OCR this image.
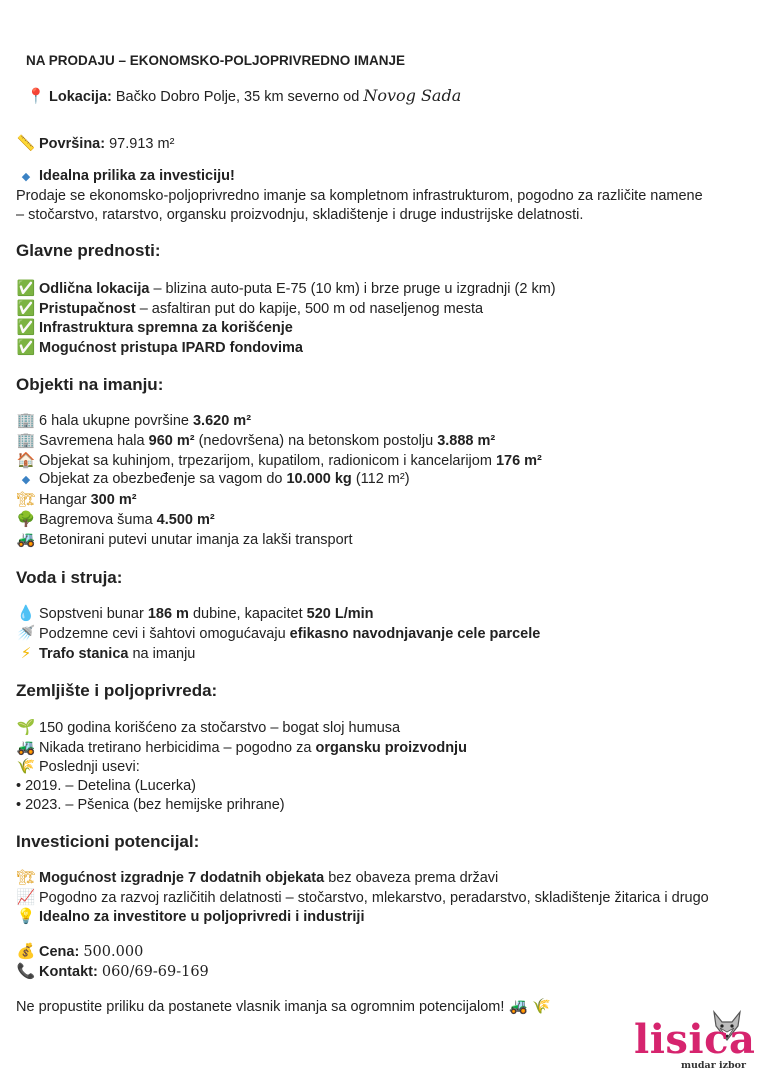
NA PRODAJU – EKONOMSKO-POLJOPRIVREDNO IMANJE
📍 Lokacija: Bačko Dobro Polje, 35 km severno od Novog Sada
📏 Površina: 97.913 m²
◆ Idealna prilika za investiciju!
Prodaje se ekonomsko-poljoprivredno imanje sa kompletnom infrastrukturom, pogodno za različite namene
– stočarstvo, ratarstvo, organsku proizvodnju, skladištenje i druge industrijske delatnosti.
Glavne prednosti:
✅ Odlična lokacija – blizina auto-puta E-75 (10 km) i brze pruge u izgradnji (2 km)
✅ Pristupačnost – asfaltiran put do kapije, 500 m od naseljenog mesta
✅ Infrastruktura spremna za korišćenje
✅ Mogućnost pristupa IPARD fondovima
Objekti na imanju:
🏢 6 hala ukupne površine 3.620 m²
🏢 Savremena hala 960 m² (nedovršena) na betonskom postolju 3.888 m²
🏠 Objekat sa kuhinjom, trpezarijom, kupatilom, radionicom i kancelarijom 176 m²
◆ Objekat za obezbeđenje sa vagom do 10.000 kg (112 m²)
🏗 Hangar 300 m²
🌳 Bagremova šuma 4.500 m²
🚜 Betonirani putevi unutar imanja za lakši transport
Voda i struja:
💧 Sopstveni bunar 186 m dubine, kapacitet 520 L/min
🚿 Podzemne cevi i šahtovi omogućavaju efikasno navodnjavanje cele parcele
⚡ Trafo stanica na imanju
Zemljište i poljoprivreda:
🌱 150 godina korišćeno za stočarstvo – bogat sloj humusa
🚜 Nikada tretirano herbicidima – pogodno za organsku proizvodnju
🌾 Poslednji usevi:
• 2019. – Detelina (Lucerka)
• 2023. – Pšenica (bez hemijske prihrane)
Investicioni potencijal:
🏗 Mogućnost izgradnje 7 dodatnih objekata bez obaveza prema državi
📈 Pogodno za razvoj različitih delatnosti – stočarstvo, mlekarstvo, peradarstvo, skladištenje žitarica i drugo
💡 Idealno za investitore u poljoprivredi i industriji
💰 Cena: 500.000
📞 Kontakt: 060/69-69-169
Ne propustite priliku da postanete vlasnik imanja sa ogromnim potencijalom! 🚜 🌾
lisica
mudar izbor
